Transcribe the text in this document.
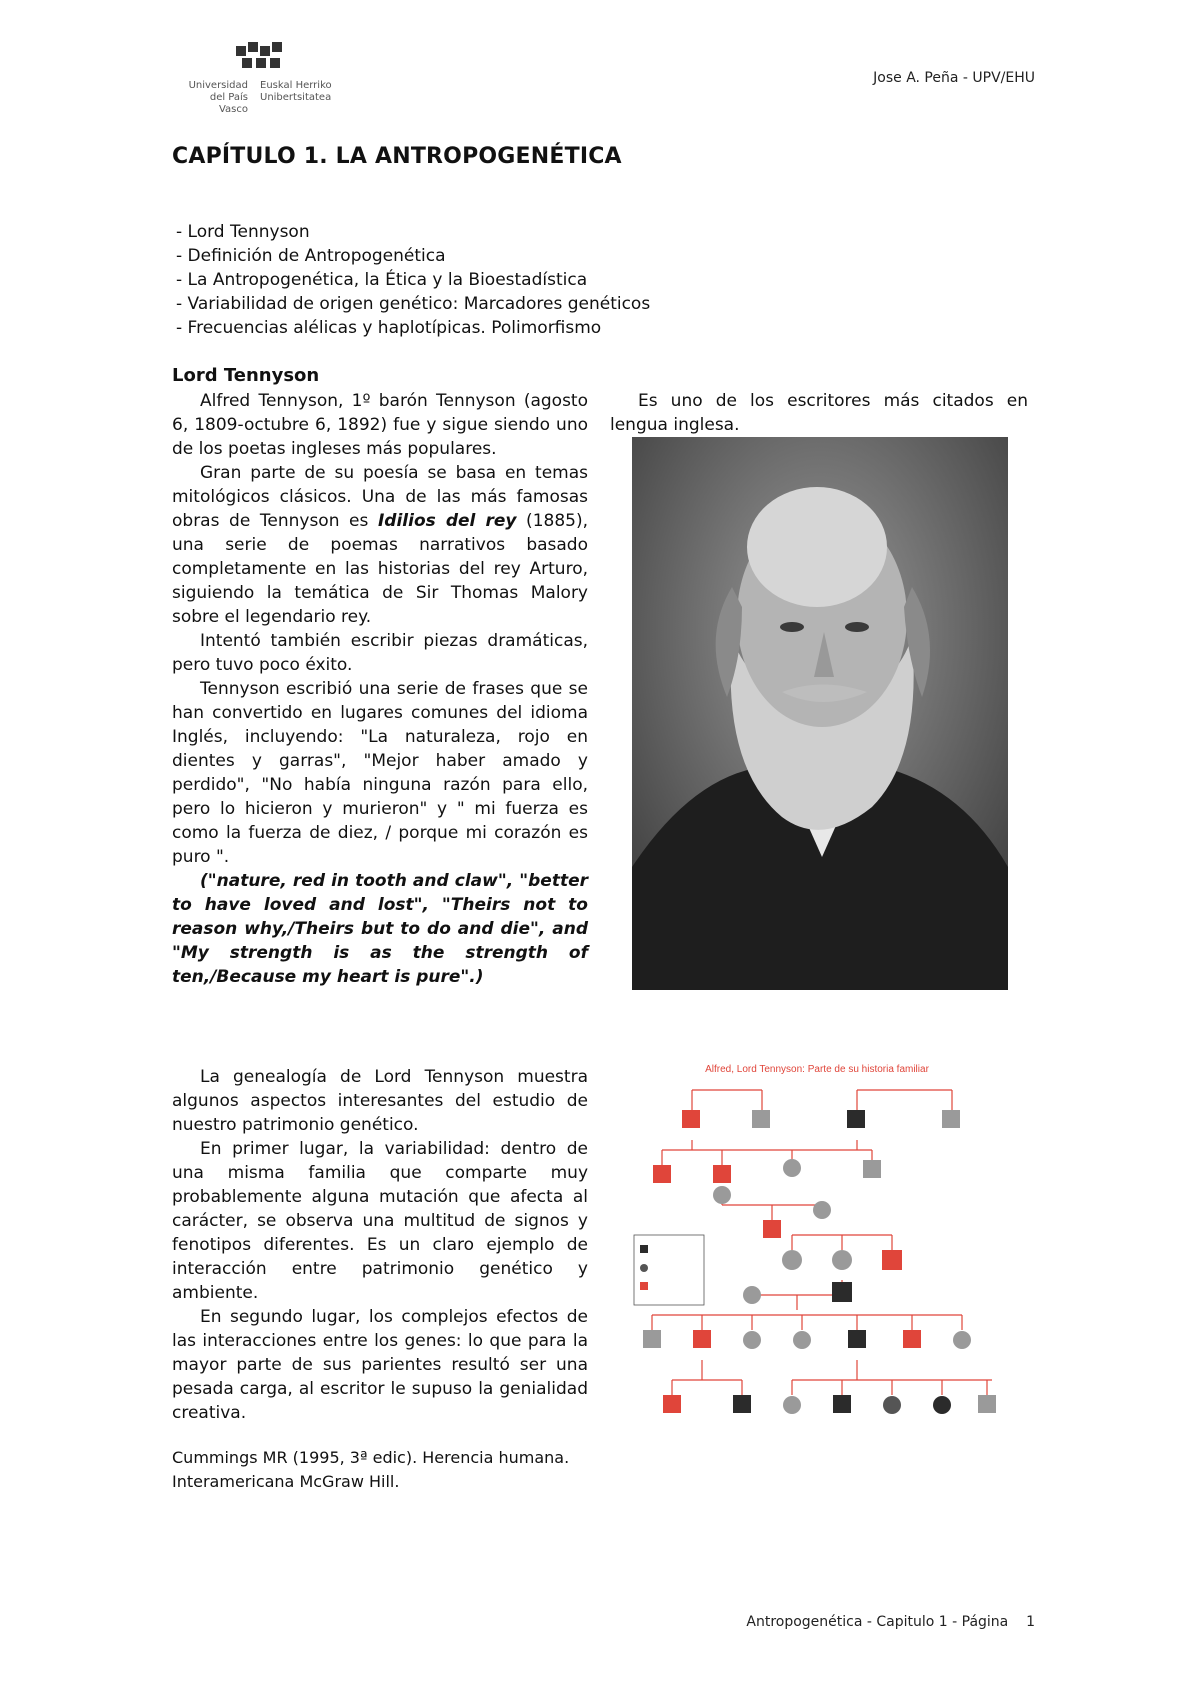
Universidad
del País Vasco
Euskal Herriko
Unibertsitatea
Jose A. Peña - UPV/EHU
CAPÍTULO 1. LA ANTROPOGENÉTICA
- Lord Tennyson
- Definición de Antropogenética
- La Antropogenética, la Ética y la Bioestadística
- Variabilidad de origen genético: Marcadores genéticos
- Frecuencias alélicas y haplotípicas. Polimorfismo
Lord Tennyson

Alfred Tennyson, 1º barón Tennyson (agosto 6, 1809-octubre 6, 1892) fue y sigue siendo uno de los poetas ingleses más populares.

Gran parte de su poesía se basa en temas mitológicos clásicos. Una de las más famosas obras de Tennyson es Idilios del rey (1885), una serie de poemas narrativos basado completamente en las historias del rey Arturo, siguiendo la temática de Sir Thomas Malory sobre el legendario rey.

Intentó también escribir piezas dramáticas, pero tuvo poco éxito.

Tennyson escribió una serie de frases que se han convertido en lugares comunes del idioma Inglés, incluyendo: "La naturaleza, rojo en dientes y garras", "Mejor haber amado y perdido", "No había ninguna razón para ello, pero lo hicieron y murieron" y " mi fuerza es como la fuerza de diez, / porque mi corazón es puro ".

("nature, red in tooth and claw", "better to have loved and lost", "Theirs not to reason why,/Theirs but to do and die", and "My strength is as the strength of ten,/Because my heart is pure".)

La genealogía de Lord Tennyson muestra algunos aspectos interesantes del estudio de nuestro patrimonio genético.

En primer lugar, la variabilidad: dentro de una misma familia que comparte muy probablemente alguna mutación que afecta al carácter, se observa una multitud de signos y fenotipos diferentes. Es un claro ejemplo de interacción entre patrimonio genético y ambiente.

En segundo lugar, los complejos efectos de las interacciones entre los genes: lo que para la mayor parte de sus parientes resultó ser una pesada carga, al escritor le supuso la genialidad creativa.

Es uno de los escritores más citados en lengua inglesa.

Alfred, Lord Tennyson: Parte de su historia familiar
Cummings MR (1995, 3ª edic). Herencia humana.
Interamericana McGraw Hill.
Antropogenética - Capitulo 1 - Página 1
